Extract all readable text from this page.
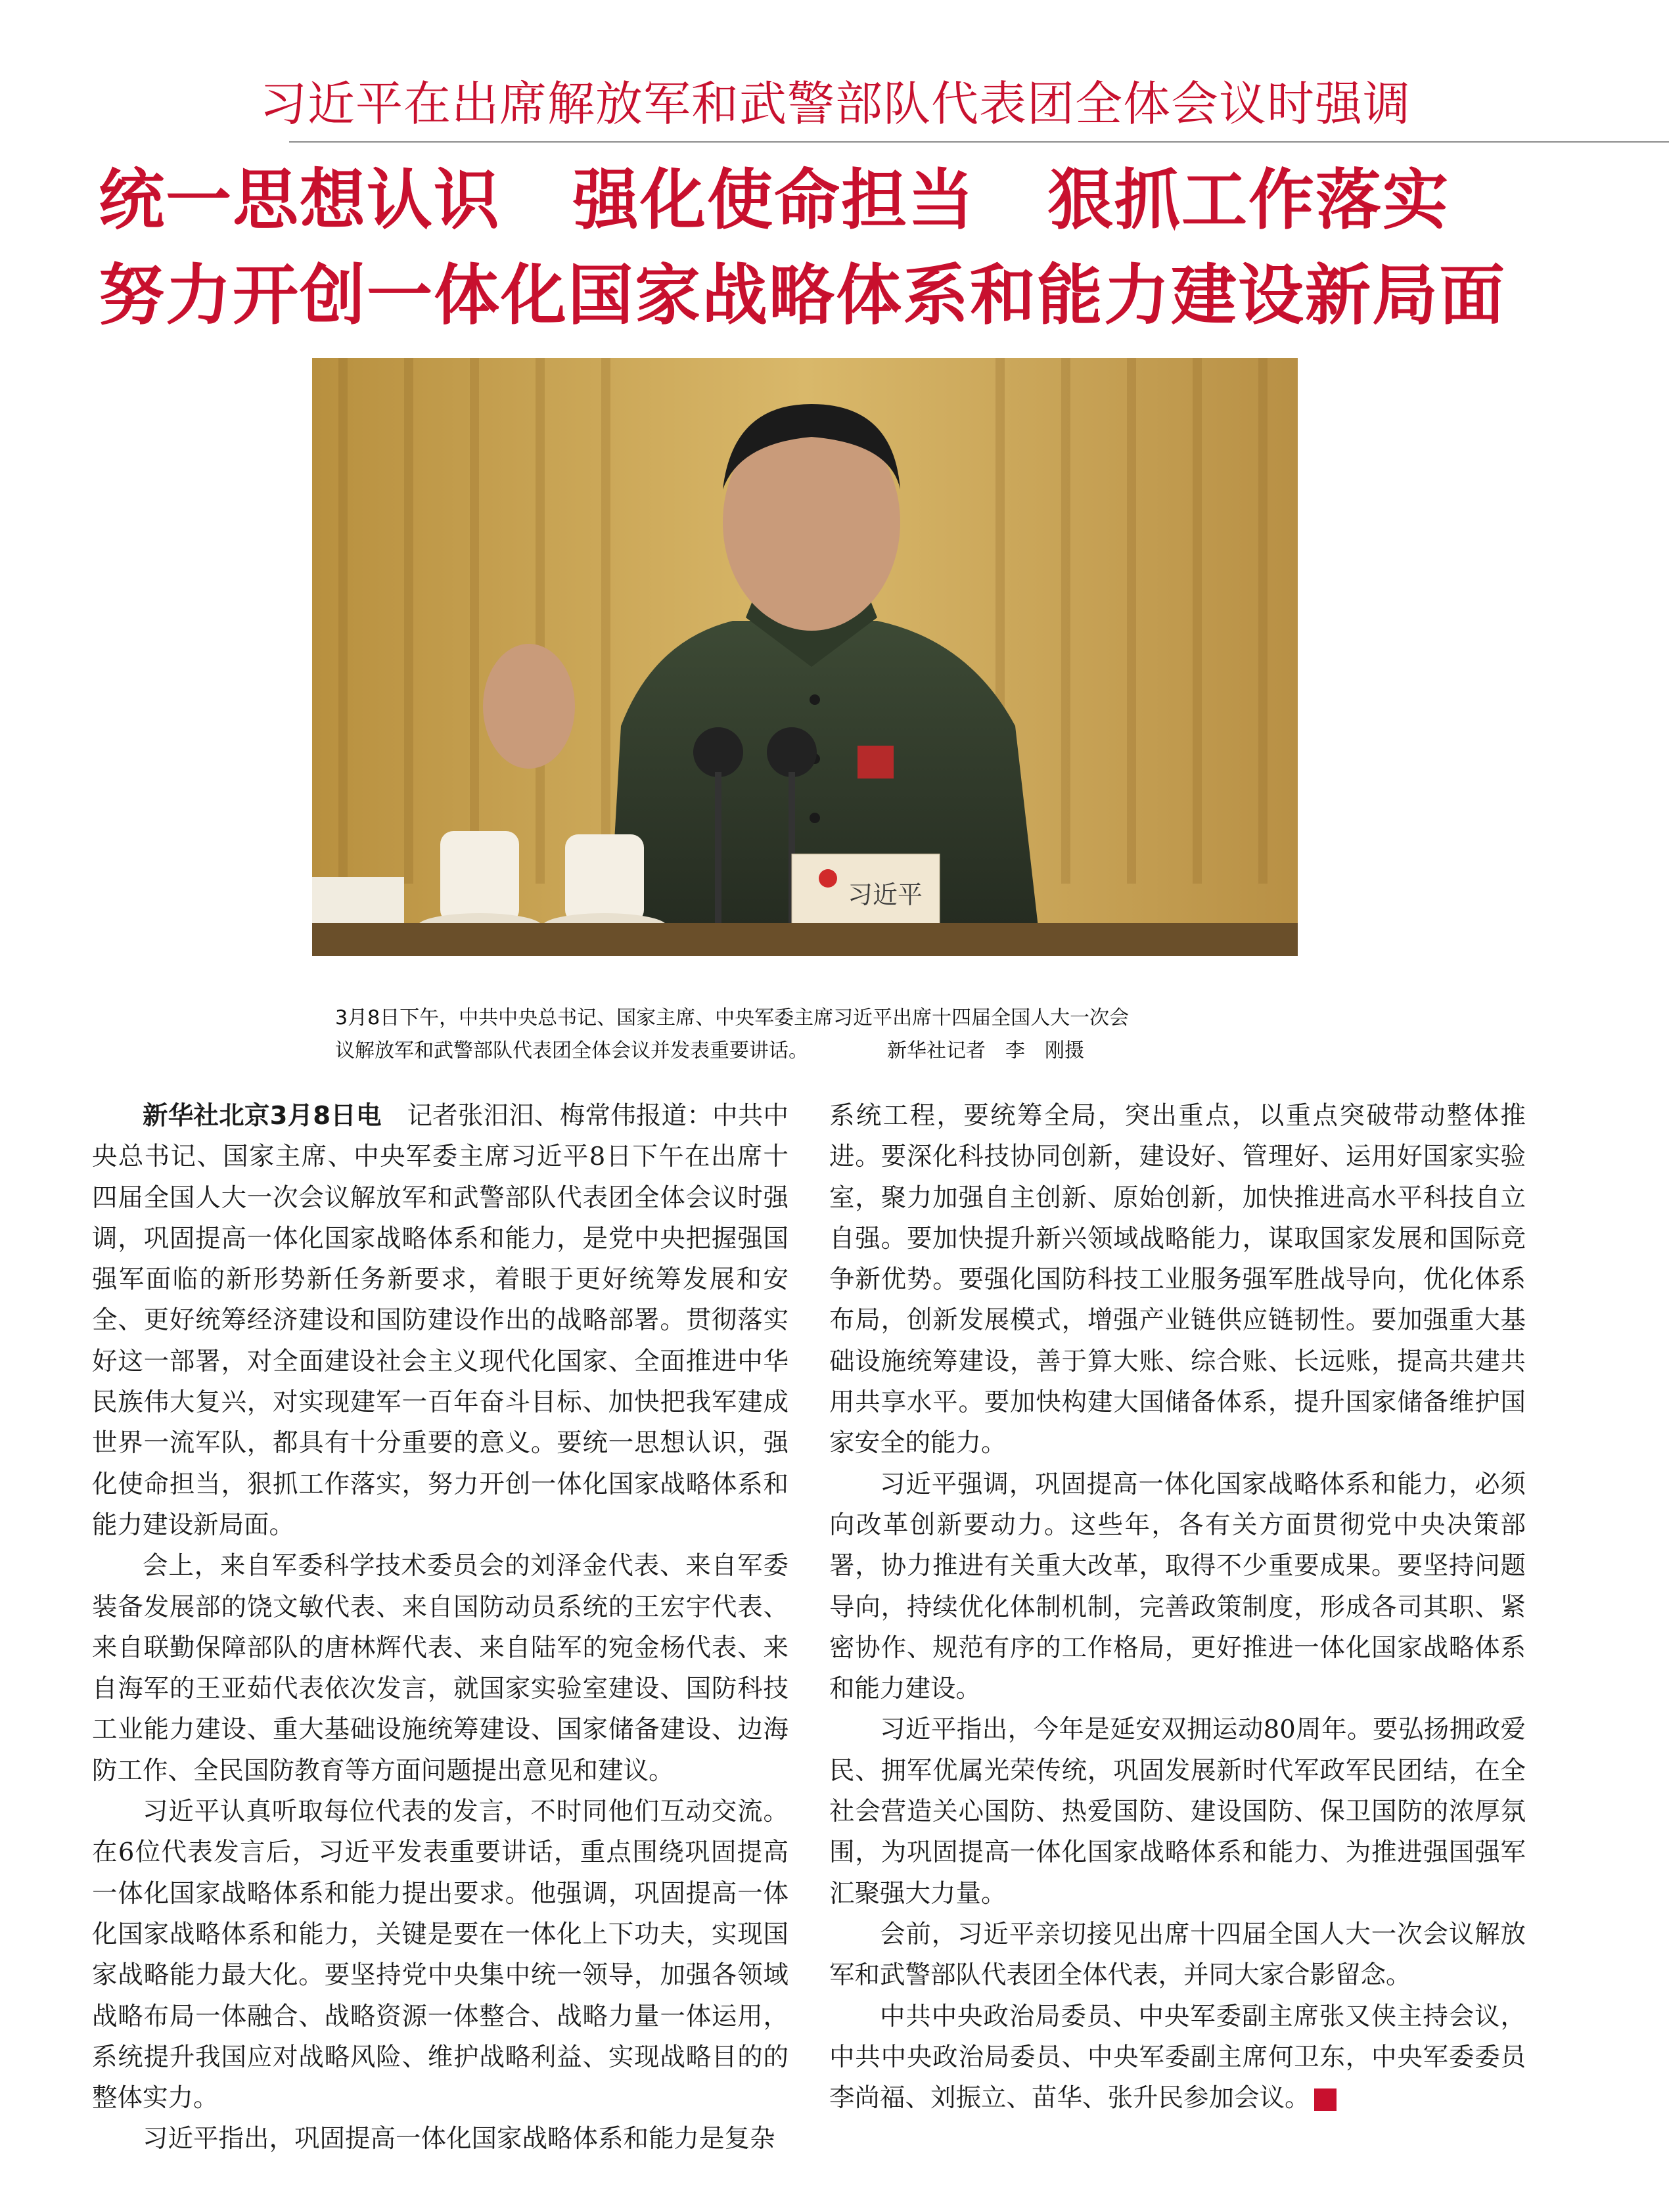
习近平在出席解放军和武警部队代表团全体会议时强调
统一思想认识 强化使命担当 狠抓工作落实
努力开创一体化国家战略体系和能力建设新局面
习近平
3月8日下午，中共中央总书记、国家主席、中央军委主席习近平出席十四届全国人大一次会
议解放军和武警部队代表团全体会议并发表重要讲话。	新华社记者　李　刚摄

新华社北京3月8日电　记者张汨汨、梅常伟报道：中共中央总书记、国家主席、中央军委主席习近平8日下午在出席十四届全国人大一次会议解放军和武警部队代表团全体会议时强调，巩固提高一体化国家战略体系和能力，是党中央把握强国强军面临的新形势新任务新要求，着眼于更好统筹发展和安全、更好统筹经济建设和国防建设作出的战略部署。贯彻落实好这一部署，对全面建设社会主义现代化国家、全面推进中华民族伟大复兴，对实现建军一百年奋斗目标、加快把我军建成世界一流军队，都具有十分重要的意义。要统一思想认识，强化使命担当，狠抓工作落实，努力开创一体化国家战略体系和能力建设新局面。

会上，来自军委科学技术委员会的刘泽金代表、来自军委装备发展部的饶文敏代表、来自国防动员系统的王宏宇代表、来自联勤保障部队的唐林辉代表、来自陆军的宛金杨代表、来自海军的王亚茹代表依次发言，就国家实验室建设、国防科技工业能力建设、重大基础设施统筹建设、国家储备建设、边海防工作、全民国防教育等方面问题提出意见和建议。

习近平认真听取每位代表的发言，不时同他们互动交流。在6位代表发言后，习近平发表重要讲话，重点围绕巩固提高一体化国家战略体系和能力提出要求。他强调，巩固提高一体化国家战略体系和能力，关键是要在一体化上下功夫，实现国家战略能力最大化。要坚持党中央集中统一领导，加强各领域战略布局一体融合、战略资源一体整合、战略力量一体运用，系统提升我国应对战略风险、维护战略利益、实现战略目的的整体实力。

习近平指出，巩固提高一体化国家战略体系和能力是复杂

系统工程，要统筹全局，突出重点，以重点突破带动整体推进。要深化科技协同创新，建设好、管理好、运用好国家实验室，聚力加强自主创新、原始创新，加快推进高水平科技自立自强。要加快提升新兴领域战略能力，谋取国家发展和国际竞争新优势。要强化国防科技工业服务强军胜战导向，优化体系布局，创新发展模式，增强产业链供应链韧性。要加强重大基础设施统筹建设，善于算大账、综合账、长远账，提高共建共用共享水平。要加快构建大国储备体系，提升国家储备维护国家安全的能力。

习近平强调，巩固提高一体化国家战略体系和能力，必须向改革创新要动力。这些年，各有关方面贯彻党中央决策部署，协力推进有关重大改革，取得不少重要成果。要坚持问题导向，持续优化体制机制，完善政策制度，形成各司其职、紧密协作、规范有序的工作格局，更好推进一体化国家战略体系和能力建设。

习近平指出，今年是延安双拥运动80周年。要弘扬拥政爱民、拥军优属光荣传统，巩固发展新时代军政军民团结，在全社会营造关心国防、热爱国防、建设国防、保卫国防的浓厚氛围，为巩固提高一体化国家战略体系和能力、为推进强国强军汇聚强大力量。

会前，习近平亲切接见出席十四届全国人大一次会议解放军和武警部队代表团全体代表，并同大家合影留念。

中共中央政治局委员、中央军委副主席张又侠主持会议，中共中央政治局委员、中央军委副主席何卫东，中央军委委员李尚福、刘振立、苗华、张升民参加会议。	G
